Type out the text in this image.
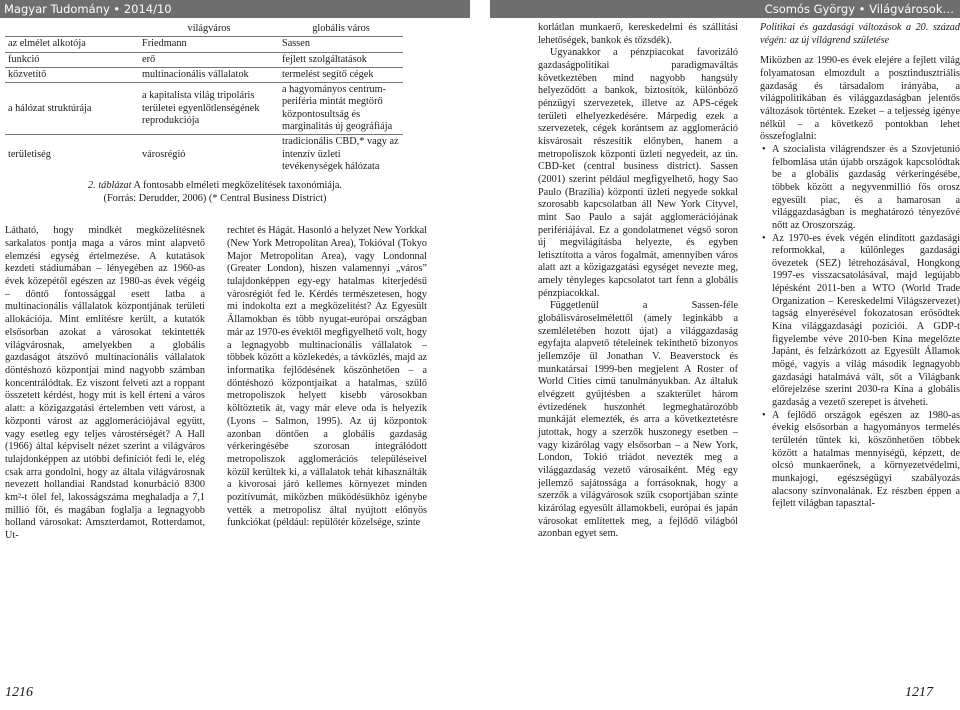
Magyar Tudomány • 2014/10	Csomós György • Világvárosok…
	világváros	globális város
az elmélet alkotója	Friedmann	Sassen
funkció	erő	fejlett szolgáltatások
közvetítő	multinacionális vállalatok	termelést segítő cégek
a hálózat struktúrája	a kapitalista világ tripoláris területei egyenlőtlenségének reprodukciója	a hagyományos centrum-periféria mintát megtörő központosultság és marginalitás új geográfiája
területiség	városrégió	tradicionális CBD,* vagy az intenzív üzleti tevékenységek hálózata
2. táblázat A fontosabb elméleti megközelítések taxonómiája.
(Forrás: Derudder, 2006) (* Central Business District)

Látható, hogy mindkét megközelítésnek sarkalatos pontja maga a város mint alapvető elemzési egység értelmezése. A kutatások kezdeti stádiumában – lényegében az 1960-as évek közepétől egészen az 1980-as évek végéig – döntő fontossággal esett latba a multinacionális vállalatok központjának területi allokációja. Mint említésre került, a kutatók elsősorban azokat a városokat tekintették világvárosnak, amelyekben a globális gazdaságot átszövő multinacionális vállalatok döntéshozó központjai mind nagyobb számban koncentrálódtak. Ez viszont felveti azt a roppant összetett kérdést, hogy mit is kell érteni a város alatt: a közigazgatási értelemben vett várost, a központi várost az agglomerációjával együtt, vagy esetleg egy teljes várostérségét? A Hall (1966) által képviselt nézet szerint a világváros tulajdonképpen az utóbbi definíciót fedi le, elég csak arra gondolni, hogy az általa világvárosnak nevezett hollandiai Randstad konurbáció 8300 km²-t ölel fel, lakosságszáma meghaladja a 7,1 millió főt, és magában foglalja a legnagyobb holland városokat: Amszterdamot, Rotterdamot, Ut-

rechtet és Hágát. Hasonló a helyzet New Yorkkal (New York Metropolitan Area), Tokióval (Tokyo Major Metropolitan Area), vagy Londonnal (Greater London), hiszen valamennyi „város” tulajdonképpen egy-egy hatalmas kiterjedésű városrégiót fed le. Kérdés természetesen, hogy mi indokolta ezt a megközelítést? Az Egyesült Államokban és több nyugat-európai országban már az 1970-es évektől megfigyelhető volt, hogy a legnagyobb multinacionális vállalatok – többek között a közlekedés, a távközlés, majd az informatika fejlődésének köszönhetően – a döntéshozó központjaikat a hatalmas, szűlő metropoliszok helyett kisebb városokban költöztetik át, vagy már eleve oda is helyezik (Lyons – Salmon, 1995). Az új központok azonban döntően a globális gazdaság vérkeringésébe szorosan integrálódott metropoliszok agglomerációs településeivel közül kerültek ki, a vállalatok tehát kihasználták a kivorosai járó kellemes környezet minden pozitívumát, miközben működésükhöz igénybe vették a metropolisz által nyújtott előnyös funkciókat (például: repülőtér közelsége, szinte

1216

korlátlan munkaerő, kereskedelmi és szállítási lehetőségek, bankok és tőzsdék).

Ugyanakkor a pénzpiacokat favorizáló gazdaságpolitikai paradigmaváltás következtében mind nagyobb hangsúly helyeződött a bankok, biztosítók, különböző pénzügyi szervezetek, illetve az APS-cégek területi elhelyezkedésére. Márpedig ezek a szervezetek, cégek korántsem az agglomeráció kisvárosait részesítik előnyben, hanem a metropoliszok központi üzleti negyedeit, az ún. CBD-ket (central business district). Sassen (2001) szerint például megfigyelhető, hogy Sao Paulo (Brazília) központi üzleti negyede sokkal szorosabb kapcsolatban áll New York Cityvel, mint Sao Paulo a saját agglomerációjának perifériájával. Ez a gondolatmenet végső soron új megvilágításba helyezte, és egyben letisztította a város fogalmát, amennyiben város alatt azt a közigazgatási egységet nevezte meg, amely tényleges kapcsolatot tart fenn a globális pénzpiacokkal.

Függetlenül a Sassen-féle globálisvároselmélettől (amely leginkább a szemléletében hozott újat) a világgazdaság egyfajta alapvető tételeinek tekinthető bizonyos jellemzője ül Jonathan V. Beaverstock és munkatársai 1999-ben megjelent A Roster of World Cities című tanulmányukban. Az általuk elvégzett gyűjtésben a szakterület három évtizedének huszonhét legmeghatározóbb munkáját elemezték, és arra a következtetésre jutottak, hogy a szerzők huszonegy esetben – vagy kizárólag vagy elsősorban – a New York, London, Tokió triádot nevezték meg a világgazdaság vezető városaiként. Még egy jellemző sajátossága a forrásoknak, hogy a szerzők a világvárosok szűk csoportjában szinte kizárólag egyesült államokbeli, európai és japán városokat említettek meg, a fejlődő világból azonban egyet sem.

Politikai és gazdasági változások a 20. század végén: az új világrend születése

Miközben az 1990-es évek elejére a fejlett világ folyamatosan elmozdult a posztindusztriális gazdaság és társadalom irányába, a világpolitikában és világgazdaságban jelentős változások történtek. Ezeket – a teljesség igénye nélkül – a következő pontokban lehet összefoglalni:

• A szocialista világrendszer és a Szovjetunió felbomlása után újabb országok kapcsolódtak be a globális gazdaság vérkeringésébe, többek között a negyvenmillió fős orosz egyesült piac, és a hamarosan a világgazdaságban is meghatározó tényezővé nőtt az Oroszország.
• Az 1970-es évek végén elindított gazdasági reformokkal, a különleges gazdasági övezetek (SEZ) létrehozásával, Hongkong 1997-es visszacsatolásával, majd legújabb lépésként 2011-ben a WTO (World Trade Organization – Kereskedelmi Világszervezet) tagság elnyerésével fokozatosan erősödtek Kína világgazdasági pozíciói. A GDP-t figyelembe véve 2010-ben Kína megelőzte Japánt, és felzárkózott az Egyesült Államok mögé, vagyis a világ második legnagyobb gazdasági hatalmává vált, sőt a Világbank előrejelzése szerint 2030-ra Kína a globális gazdaság a vezető szerepet is átveheti.
• A fejlődő országok egészen az 1980-as évekig elsősorban a hagyományos termelés területén tűntek ki, köszönhetően többek között a hatalmas mennyiségű, képzett, de olcsó munkaerőnek, a környezetvédelmi, munkajogi, egészségügyi szabályozás alacsony színvonalának. Ez részben éppen a fejlett világban tapasztal-
1217
